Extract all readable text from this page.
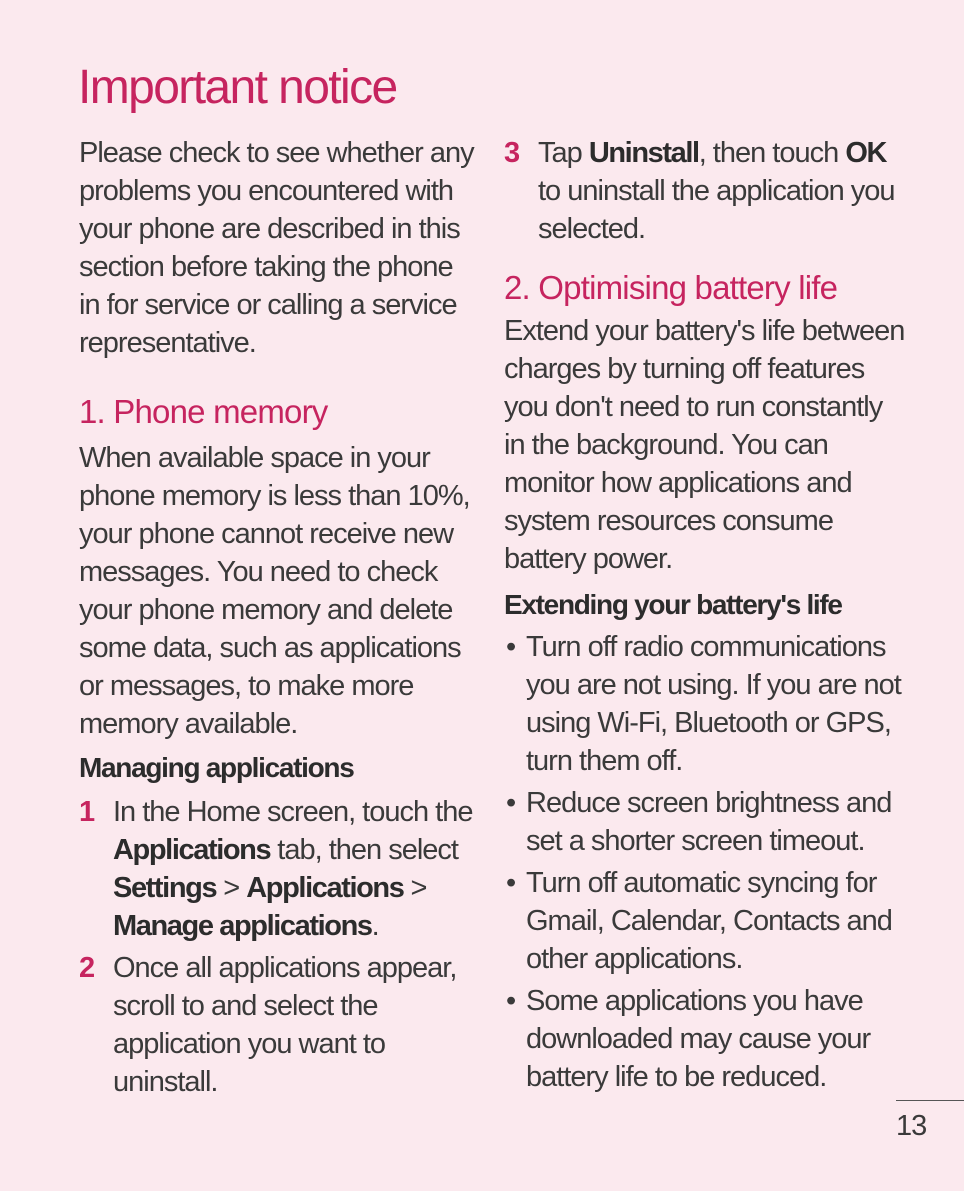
Important notice

Please check to see whether any problems you encountered with your phone are described in this section before taking the phone in for service or calling a service representative.

1. Phone memory

When available space in your phone memory is less than 10%, your phone cannot receive new messages. You need to check your phone memory and delete some data, such as applications or messages, to make more memory available.

Managing applications
1 In the Home screen, touch the Applications tab, then select Settings > Applications > Manage applications.
2 Once all applications appear, scroll to and select the application you want to uninstall.
3 Tap Uninstall, then touch OK to uninstall the application you selected.
2. Optimising battery life

Extend your battery's life between charges by turning off features you don't need to run constantly in the background. You can monitor how applications and system resources consume battery power.

Extending your battery's life
• Turn off radio communications you are not using. If you are not using Wi-Fi, Bluetooth or GPS, turn them off.
• Reduce screen brightness and set a shorter screen timeout.
• Turn off automatic syncing for Gmail, Calendar, Contacts and other applications.
• Some applications you have downloaded may cause your battery life to be reduced.
13
